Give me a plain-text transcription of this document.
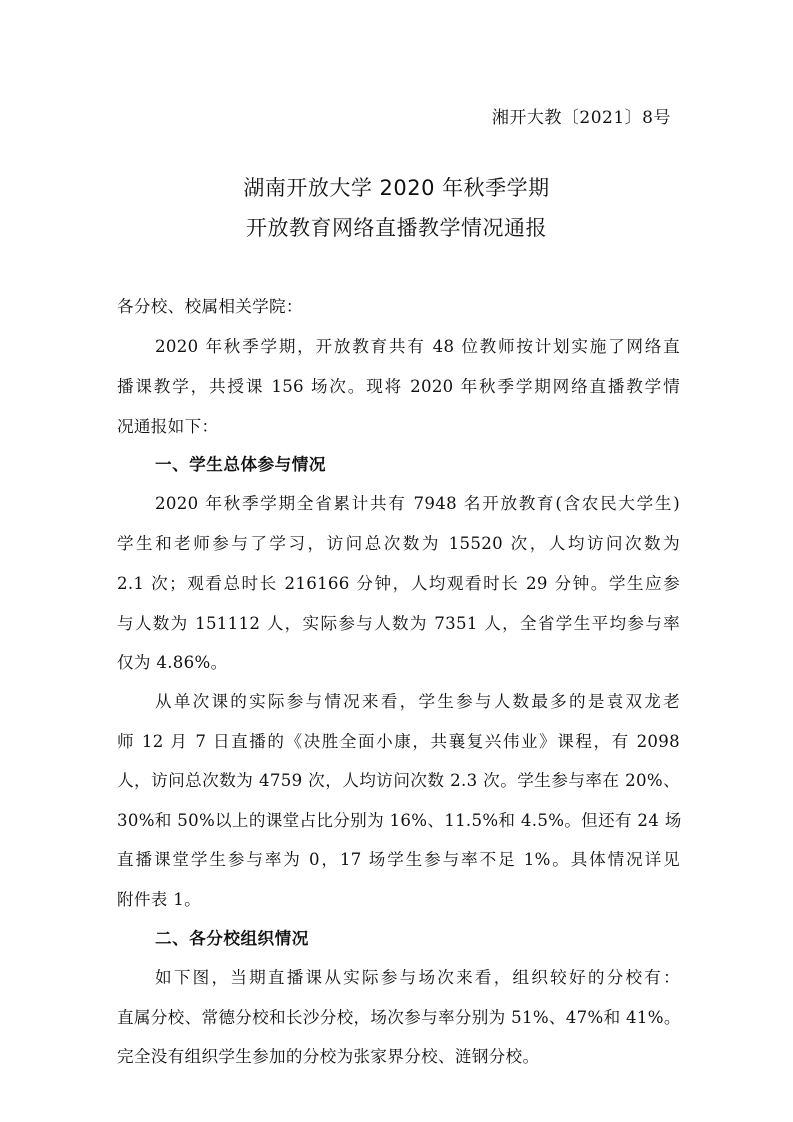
湘开大教〔2021〕8号
湖南开放大学 2020 年秋季学期
开放教育网络直播教学情况通报
各分校、校属相关学院：
2020 年秋季学期，开放教育共有 48 位教师按计划实施了网络直
播课教学，共授课 156 场次。现将 2020 年秋季学期网络直播教学情
况通报如下：
一、学生总体参与情况
2020 年秋季学期全省累计共有 7948 名开放教育(含农民大学生)
学生和老师参与了学习，访问总次数为 15520 次，人均访问次数为
2.1 次；观看总时长 216166 分钟，人均观看时长 29 分钟。学生应参
与人数为 151112 人，实际参与人数为 7351 人，全省学生平均参与率
仅为 4.86%。
从单次课的实际参与情况来看，学生参与人数最多的是袁双龙老
师 12 月 7 日直播的《决胜全面小康，共襄复兴伟业》课程，有 2098
人，访问总次数为 4759 次，人均访问次数 2.3 次。学生参与率在 20%、
30%和 50%以上的课堂占比分别为 16%、11.5%和 4.5%。但还有 24 场
直播课堂学生参与率为 0，17 场学生参与率不足 1%。具体情况详见
附件表 1。
二、各分校组织情况
如下图，当期直播课从实际参与场次来看，组织较好的分校有：
直属分校、常德分校和长沙分校，场次参与率分别为 51%、47%和 41%。
完全没有组织学生参加的分校为张家界分校、涟钢分校。
